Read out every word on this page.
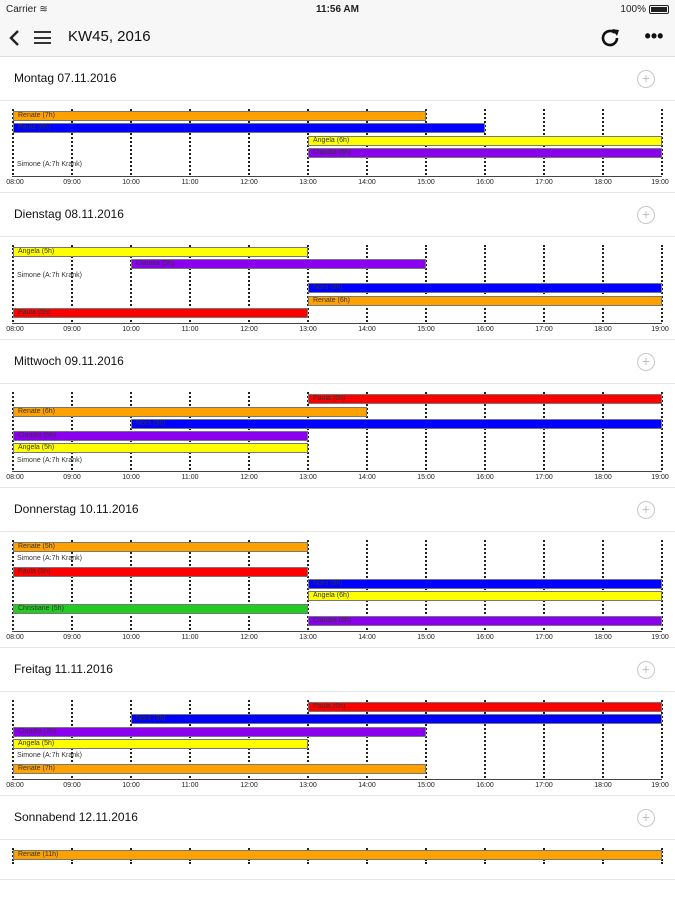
Carrier ≋	11:56 AM	100%
KW45, 2016	•••
Montag 07.11.2016	+
Renate (7h)
Paula (8h)
Angela (6h)
Claudia (6h)
Simone (A:7h Krank)
08:00	09:00	10:00	11:00	12:00	13:00	14:00	15:00	16:00	17:00	18:00	19:00
Dienstag 08.11.2016	+
Angela (5h)
Claudia (5h)
Simone (A:7h Krank)
Nora (6h)
Renate (6h)
Paula (5h)
08:00	09:00	10:00	11:00	12:00	13:00	14:00	15:00	16:00	17:00	18:00	19:00
Mittwoch 09.11.2016	+
Paula (6h)
Renate (6h)
Nora (9h)
Claudia (5h)
Angela (5h)
Simone (A:7h Krank)
08:00	09:00	10:00	11:00	12:00	13:00	14:00	15:00	16:00	17:00	18:00	19:00
Donnerstag 10.11.2016	+
Renate (5h)
Simone (A:7h Krank)
Paula (5h)
Nora (6h)
Angela (6h)
Christiane (5h)
Claudia (6h)
08:00	09:00	10:00	11:00	12:00	13:00	14:00	15:00	16:00	17:00	18:00	19:00
Freitag 11.11.2016	+
Paula (6h)
Nora (9h)
Claudia (7h)
Angela (5h)
Simone (A:7h Krank)
Renate (7h)
08:00	09:00	10:00	11:00	12:00	13:00	14:00	15:00	16:00	17:00	18:00	19:00
Sonnabend 12.11.2016	+
Renate (11h)
